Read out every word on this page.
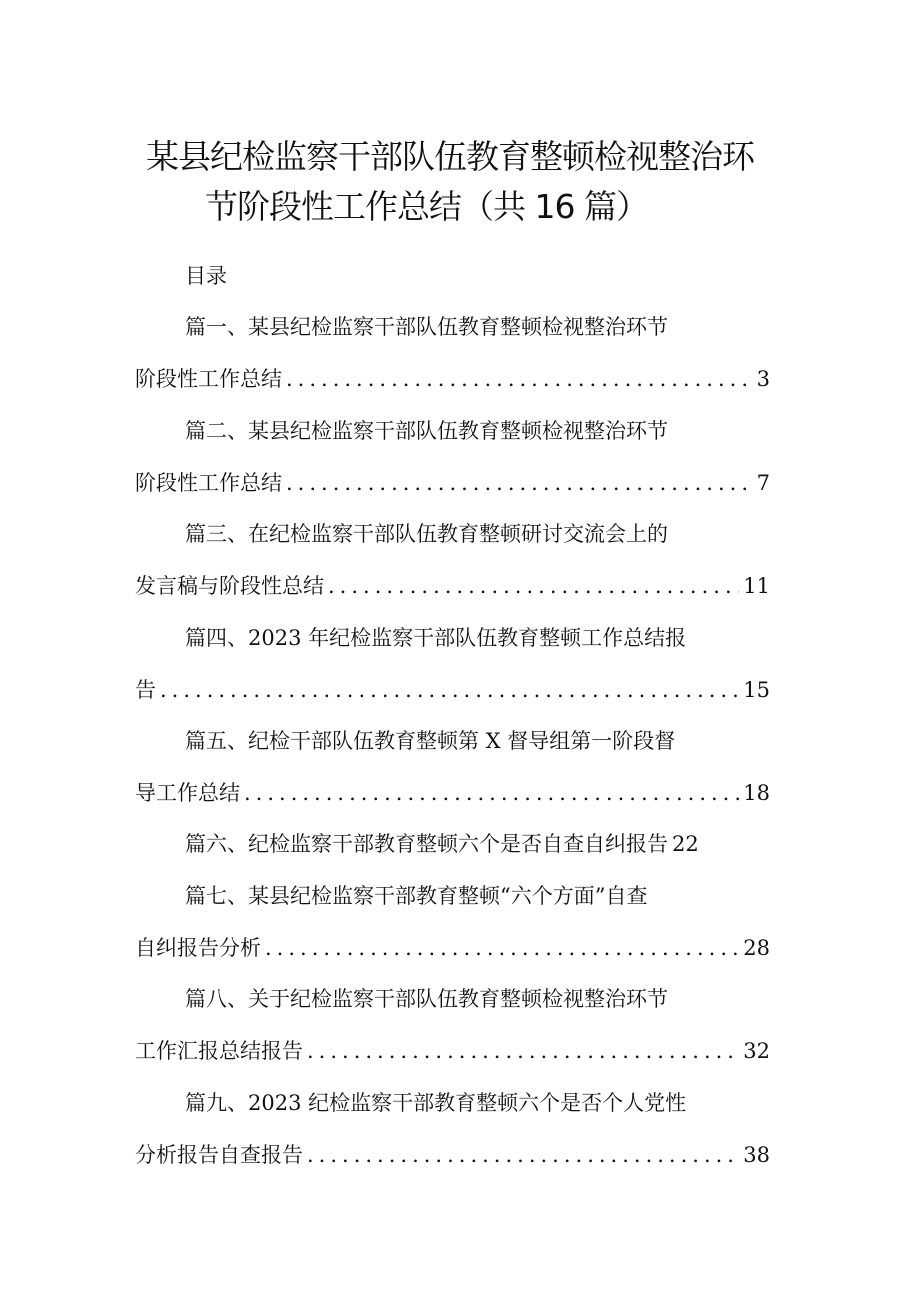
某县纪检监察干部队伍教育整顿检视整治环
节阶段性工作总结（共 16 篇）
目录
篇一、某县纪检监察干部队伍教育整顿检视整治环节
阶段性工作总结 .....	3
篇二、某县纪检监察干部队伍教育整顿检视整治环节
阶段性工作总结 .....	7
篇三、在纪检监察干部队伍教育整顿研讨交流会上的
发言稿与阶段性总结 .....	11
篇四、2023 年纪检监察干部队伍教育整顿工作总结报
告 .....	15
篇五、纪检干部队伍教育整顿第 X 督导组第一阶段督
导工作总结 .....	18
篇六、纪检监察干部教育整顿六个是否自查自纠报告 22
篇七、某县纪检监察干部教育整顿“六个方面”自查
自纠报告分析 .....	28
篇八、关于纪检监察干部队伍教育整顿检视整治环节
工作汇报总结报告 .....	32
篇九、2023 纪检监察干部教育整顿六个是否个人党性
分析报告自查报告 .....	38
